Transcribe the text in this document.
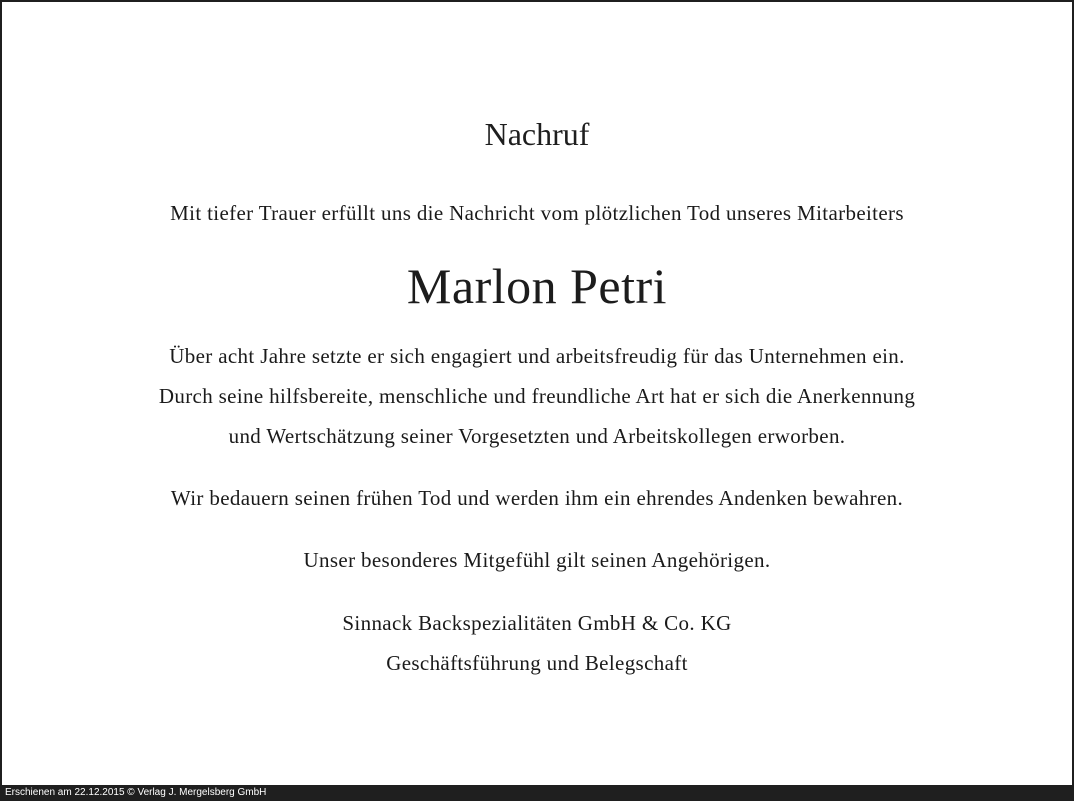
Nachruf
Mit tiefer Trauer erfüllt uns die Nachricht vom plötzlichen Tod unseres Mitarbeiters
Marlon Petri
Über acht Jahre setzte er sich engagiert und arbeitsfreudig für das Unternehmen ein.
Durch seine hilfsbereite, menschliche und freundliche Art hat er sich die Anerkennung
und Wertschätzung seiner Vorgesetzten und Arbeitskollegen erworben.
Wir bedauern seinen frühen Tod und werden ihm ein ehrendes Andenken bewahren.
Unser besonderes Mitgefühl gilt seinen Angehörigen.
Sinnack Backspezialitäten GmbH & Co. KG
Geschäftsführung und Belegschaft
Erschienen am 22.12.2015 © Verlag J. Mergelsberg GmbH
